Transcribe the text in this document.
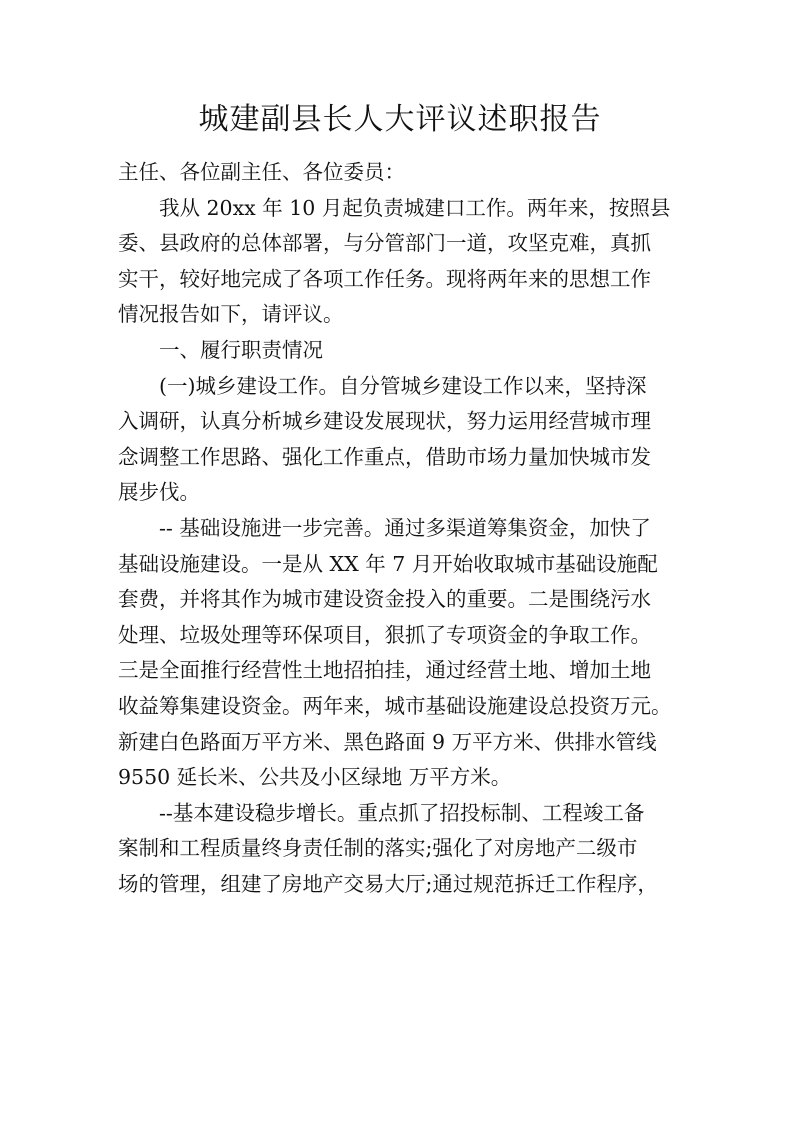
城建副县长人大评议述职报告

主任、各位副主任、各位委员：

我从 20xx 年 10 月起负责城建口工作。两年来，按照县

委、县政府的总体部署，与分管部门一道，攻坚克难，真抓

实干，较好地完成了各项工作任务。现将两年来的思想工作

情况报告如下，请评议。

一、履行职责情况

(一)城乡建设工作。自分管城乡建设工作以来，坚持深

入调研，认真分析城乡建设发展现状，努力运用经营城市理

念调整工作思路、强化工作重点，借助市场力量加快城市发

展步伐。

-- 基础设施进一步完善。通过多渠道筹集资金，加快了

基础设施建设。一是从 XX 年 7 月开始收取城市基础设施配

套费，并将其作为城市建设资金投入的重要。二是围绕污水

处理、垃圾处理等环保项目，狠抓了专项资金的争取工作。

三是全面推行经营性土地招拍挂，通过经营土地、增加土地

收益筹集建设资金。两年来，城市基础设施建设总投资万元。

新建白色路面万平方米、黑色路面 9 万平方米、供排水管线

9550 延长米、公共及小区绿地 万平方米。

--基本建设稳步增长。重点抓了招投标制、工程竣工备

案制和工程质量终身责任制的落实;强化了对房地产二级市

场的管理，组建了房地产交易大厅;通过规范拆迁工作程序，
